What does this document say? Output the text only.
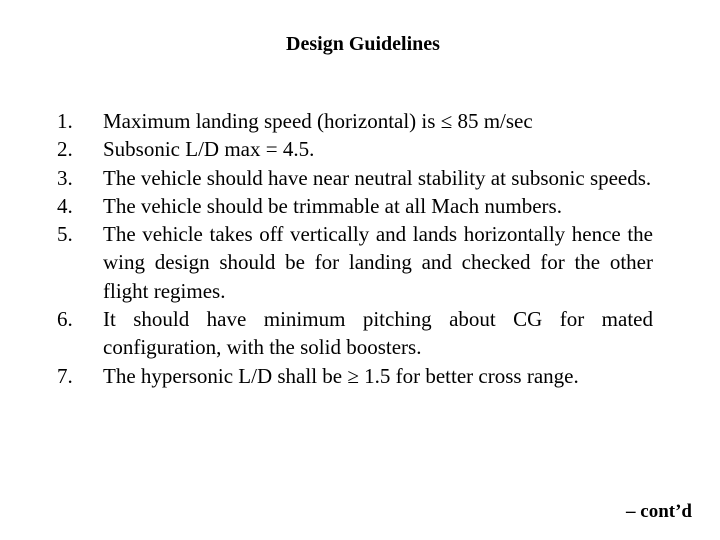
Design Guidelines
1. Maximum landing speed (horizontal) is ≤ 85 m/sec
2. Subsonic L/D max = 4.5.
3. The vehicle should have near neutral stability at subsonic speeds.
4. The vehicle should be trimmable at all Mach numbers.
5. The vehicle takes off vertically and lands horizontally hence the wing design should be for landing and checked for the other flight regimes.
6. It should have minimum pitching about CG for mated configuration, with the solid boosters.
7. The hypersonic L/D shall be ≥ 1.5 for better cross range.
– cont’d
